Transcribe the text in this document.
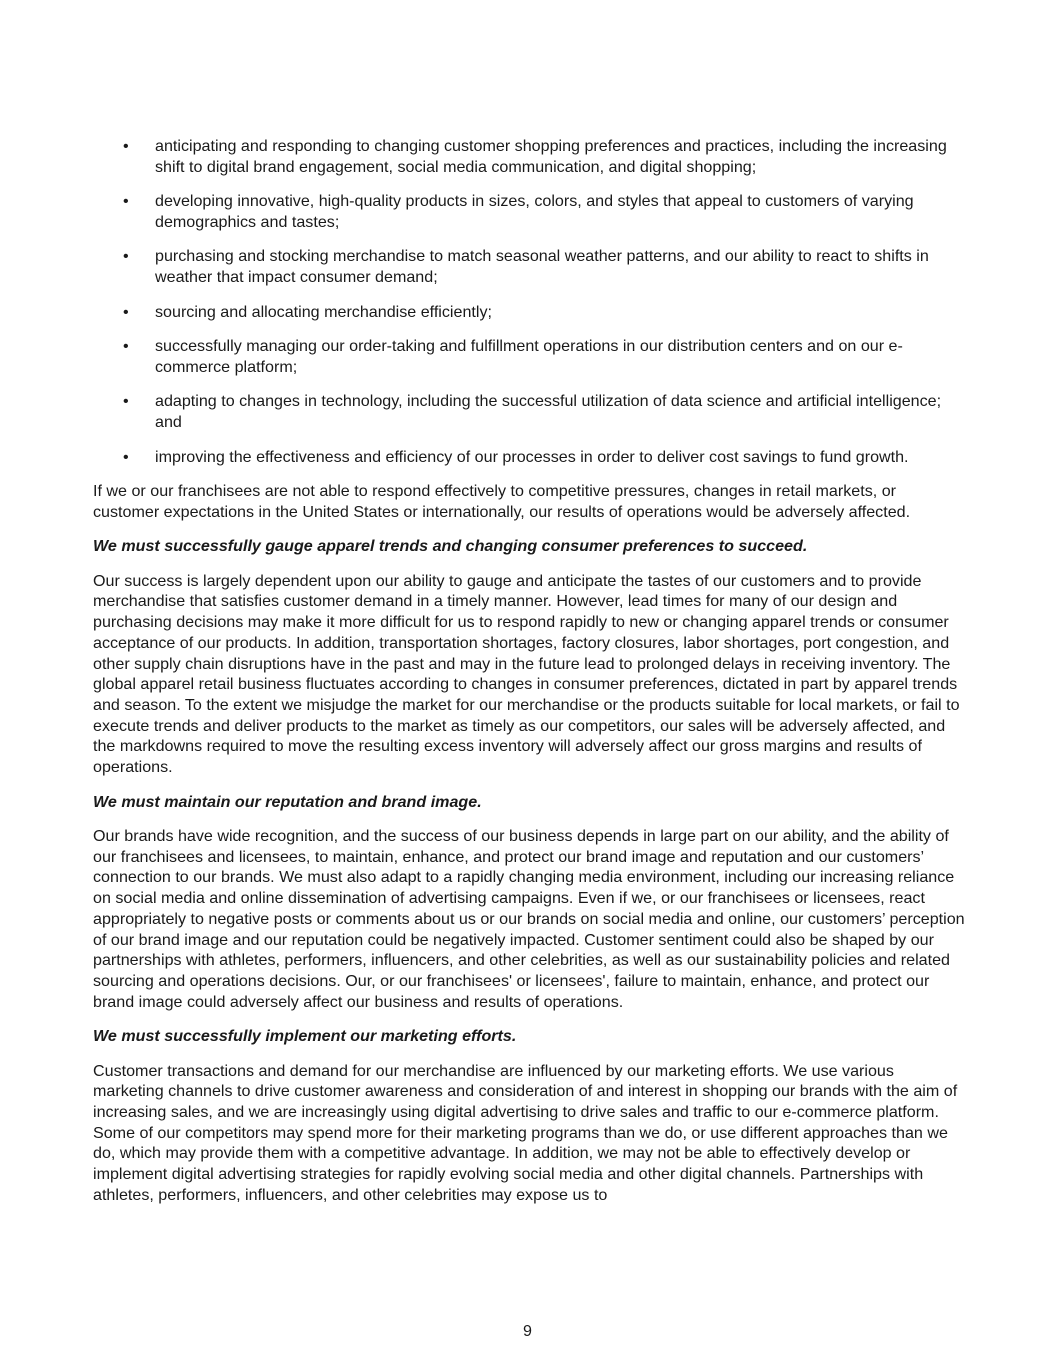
• anticipating and responding to changing customer shopping preferences and practices, including the increasing shift to digital brand engagement, social media communication, and digital shopping;
• developing innovative, high-quality products in sizes, colors, and styles that appeal to customers of varying demographics and tastes;
• purchasing and stocking merchandise to match seasonal weather patterns, and our ability to react to shifts in weather that impact consumer demand;
• sourcing and allocating merchandise efficiently;
• successfully managing our order-taking and fulfillment operations in our distribution centers and on our e-commerce platform;
• adapting to changes in technology, including the successful utilization of data science and artificial intelligence; and
• improving the effectiveness and efficiency of our processes in order to deliver cost savings to fund growth.

If we or our franchisees are not able to respond effectively to competitive pressures, changes in retail markets, or customer expectations in the United States or internationally, our results of operations would be adversely affected.

We must successfully gauge apparel trends and changing consumer preferences to succeed.

Our success is largely dependent upon our ability to gauge and anticipate the tastes of our customers and to provide merchandise that satisfies customer demand in a timely manner. However, lead times for many of our design and purchasing decisions may make it more difficult for us to respond rapidly to new or changing apparel trends or consumer acceptance of our products. In addition, transportation shortages, factory closures, labor shortages, port congestion, and other supply chain disruptions have in the past and may in the future lead to prolonged delays in receiving inventory. The global apparel retail business fluctuates according to changes in consumer preferences, dictated in part by apparel trends and season. To the extent we misjudge the market for our merchandise or the products suitable for local markets, or fail to execute trends and deliver products to the market as timely as our competitors, our sales will be adversely affected, and the markdowns required to move the resulting excess inventory will adversely affect our gross margins and results of operations.

We must maintain our reputation and brand image.

Our brands have wide recognition, and the success of our business depends in large part on our ability, and the ability of our franchisees and licensees, to maintain, enhance, and protect our brand image and reputation and our customers’ connection to our brands. We must also adapt to a rapidly changing media environment, including our increasing reliance on social media and online dissemination of advertising campaigns. Even if we, or our franchisees or licensees, react appropriately to negative posts or comments about us or our brands on social media and online, our customers’ perception of our brand image and our reputation could be negatively impacted. Customer sentiment could also be shaped by our partnerships with athletes, performers, influencers, and other celebrities, as well as our sustainability policies and related sourcing and operations decisions. Our, or our franchisees' or licensees', failure to maintain, enhance, and protect our brand image could adversely affect our business and results of operations.

We must successfully implement our marketing efforts.

Customer transactions and demand for our merchandise are influenced by our marketing efforts. We use various marketing channels to drive customer awareness and consideration of and interest in shopping our brands with the aim of increasing sales, and we are increasingly using digital advertising to drive sales and traffic to our e-commerce platform. Some of our competitors may spend more for their marketing programs than we do, or use different approaches than we do, which may provide them with a competitive advantage. In addition, we may not be able to effectively develop or implement digital advertising strategies for rapidly evolving social media and other digital channels. Partnerships with athletes, performers, influencers, and other celebrities may expose us to

9
